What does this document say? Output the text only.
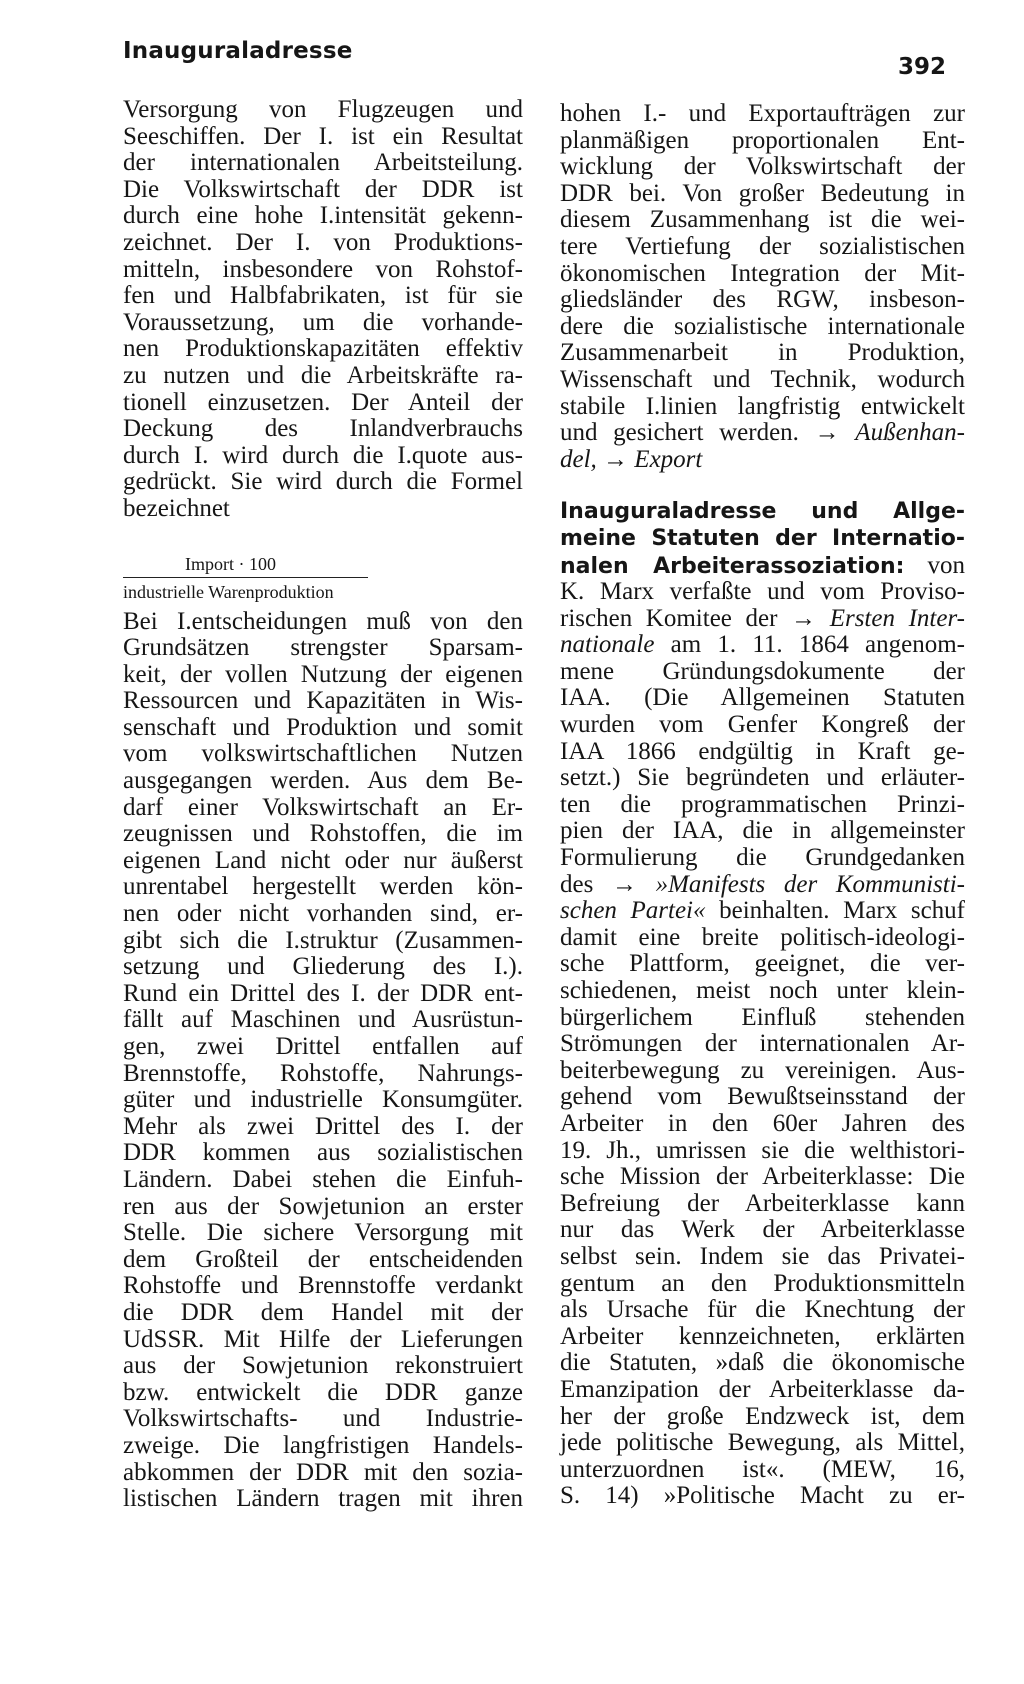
Inauguraladresse
392
Versorgung von Flugzeugen und
Seeschiffen. Der I. ist ein Resultat
der internationalen Arbeitsteilung.
Die Volkswirtschaft der DDR ist
durch eine hohe I.intensität gekenn-
zeichnet. Der I. von Produktions-
mitteln, insbesondere von Rohstof-
fen und Halbfabrikaten, ist für sie
Voraussetzung, um die vorhande-
nen Produktionskapazitäten effektiv
zu nutzen und die Arbeitskräfte ra-
tionell einzusetzen. Der Anteil der
Deckung des Inlandverbrauchs
durch I. wird durch die I.quote aus-
gedrückt. Sie wird durch die Formel
bezeichnet
Import · 100
industrielle Warenproduktion
Bei I.entscheidungen muß von den
Grundsätzen strengster Sparsam-
keit, der vollen Nutzung der eigenen
Ressourcen und Kapazitäten in Wis-
senschaft und Produktion und somit
vom volkswirtschaftlichen Nutzen
ausgegangen werden. Aus dem Be-
darf einer Volkswirtschaft an Er-
zeugnissen und Rohstoffen, die im
eigenen Land nicht oder nur äußerst
unrentabel hergestellt werden kön-
nen oder nicht vorhanden sind, er-
gibt sich die I.struktur (Zusammen-
setzung und Gliederung des I.).
Rund ein Drittel des I. der DDR ent-
fällt auf Maschinen und Ausrüstun-
gen, zwei Drittel entfallen auf
Brennstoffe, Rohstoffe, Nahrungs-
güter und industrielle Konsumgüter.
Mehr als zwei Drittel des I. der
DDR kommen aus sozialistischen
Ländern. Dabei stehen die Einfuh-
ren aus der Sowjetunion an erster
Stelle. Die sichere Versorgung mit
dem Großteil der entscheidenden
Rohstoffe und Brennstoffe verdankt
die DDR dem Handel mit der
UdSSR. Mit Hilfe der Lieferungen
aus der Sowjetunion rekonstruiert
bzw. entwickelt die DDR ganze
Volkswirtschafts- und Industrie-
zweige. Die langfristigen Handels-
abkommen der DDR mit den sozia-
listischen Ländern tragen mit ihren
hohen I.- und Exportaufträgen zur
planmäßigen proportionalen Ent-
wicklung der Volkswirtschaft der
DDR bei. Von großer Bedeutung in
diesem Zusammenhang ist die wei-
tere Vertiefung der sozialistischen
ökonomischen Integration der Mit-
gliedsländer des RGW, insbeson-
dere die sozialistische internationale
Zusammenarbeit in Produktion,
Wissenschaft und Technik, wodurch
stabile I.linien langfristig entwickelt
und gesichert werden. → Außenhan-
del, → Export
Inauguraladresse und Allge-
meine Statuten der Internatio-
nalen Arbeiterassoziation: von
K. Marx verfaßte und vom Proviso-
rischen Komitee der → Ersten Inter-
nationale am 1. 11. 1864 angenom-
mene Gründungsdokumente der
IAA. (Die Allgemeinen Statuten
wurden vom Genfer Kongreß der
IAA 1866 endgültig in Kraft ge-
setzt.) Sie begründeten und erläuter-
ten die programmatischen Prinzi-
pien der IAA, die in allgemeinster
Formulierung die Grundgedanken
des → »Manifests der Kommunisti-
schen Partei« beinhalten. Marx schuf
damit eine breite politisch-ideologi-
sche Plattform, geeignet, die ver-
schiedenen, meist noch unter klein-
bürgerlichem Einfluß stehenden
Strömungen der internationalen Ar-
beiterbewegung zu vereinigen. Aus-
gehend vom Bewußtseinsstand der
Arbeiter in den 60er Jahren des
19. Jh., umrissen sie die welthistori-
sche Mission der Arbeiterklasse: Die
Befreiung der Arbeiterklasse kann
nur das Werk der Arbeiterklasse
selbst sein. Indem sie das Privatei-
gentum an den Produktionsmitteln
als Ursache für die Knechtung der
Arbeiter kennzeichneten, erklärten
die Statuten, »daß die ökonomische
Emanzipation der Arbeiterklasse da-
her der große Endzweck ist, dem
jede politische Bewegung, als Mittel,
unterzuordnen ist«. (MEW, 16,
S. 14) »Politische Macht zu er-
